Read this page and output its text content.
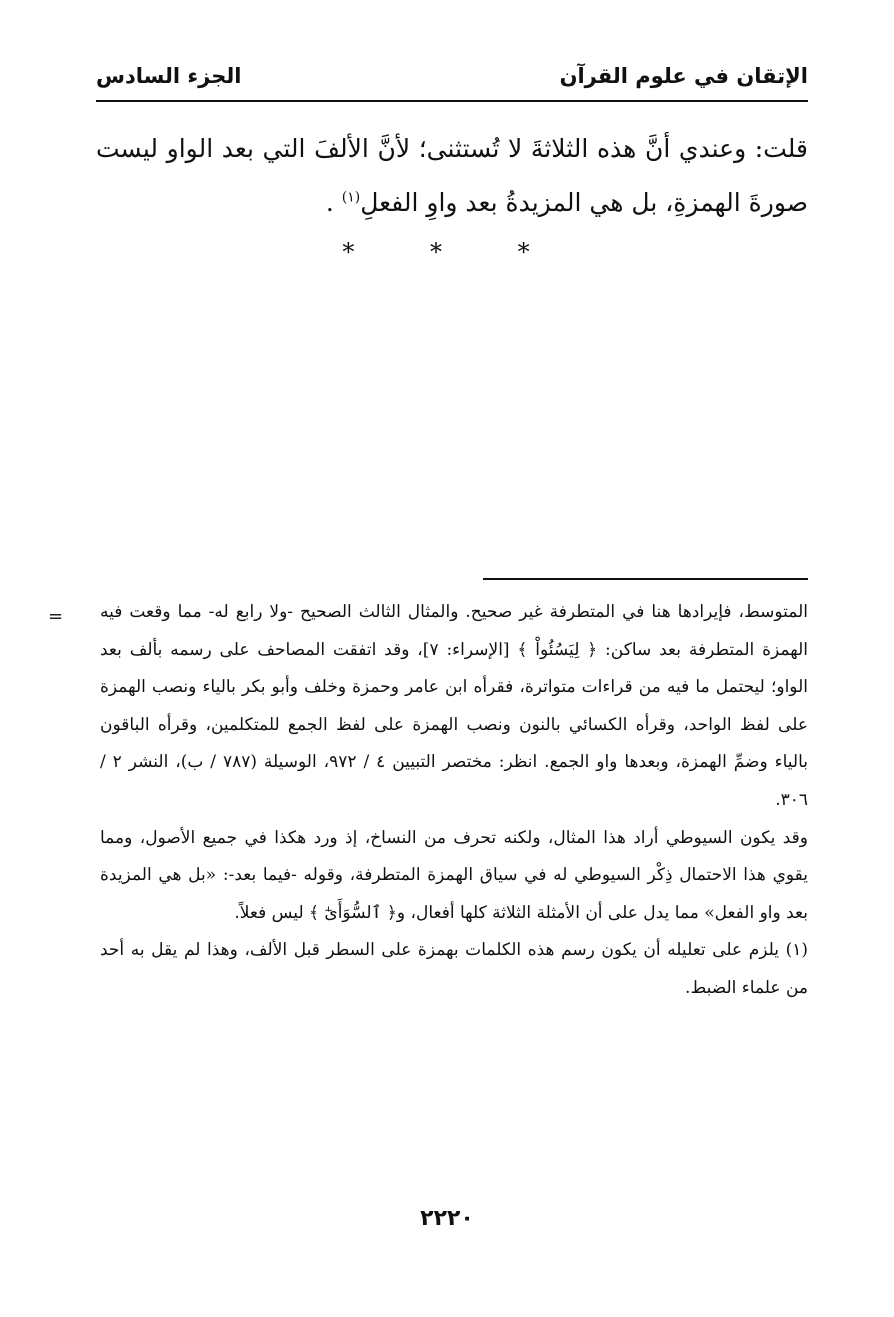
الإتقان في علوم القرآن
الجزء السادس

قلت: وعندي أنَّ هذه الثلاثةَ لا تُستثنى؛ لأنَّ الألفَ التي بعد الواو ليست صورةَ الهمزةِ، بل هي المزيدةُ بعد واوِ الفعلِ$^{(١)}$ .

* * *
= المتوسط، فإيرادها هنا في المتطرفة غير صحيح. والمثال الثالث الصحيح -ولا رابع له- مما وقعت فيه الهمزة المتطرفة بعد ساكن: ﴿ لِيَسُئُواْ ﴾ [الإسراء: ٧]، وقد اتفقت المصاحف على رسمه بألف بعد الواو؛ ليحتمل ما فيه من قراءات متواترة، فقرأه ابن عامر وحمزة وخلف وأبو بكر بالياء ونصب الهمزة على لفظ الواحد، وقرأه الكسائي بالنون ونصب الهمزة على لفظ الجمع للمتكلمين، وقرأه الباقون بالياء وضمِّ الهمزة، وبعدها واو الجمع. انظر: مختصر التبيين ٤ / ٩٧٢، الوسيلة (٧٨٧ / ب)، النشر ٢ / ٣٠٦.

وقد يكون السيوطي أراد هذا المثال، ولكنه تحرف من النساخ، إذ ورد هكذا في جميع الأصول، ومما يقوي هذا الاحتمال ذِكْر السيوطي له في سياق الهمزة المتطرفة، وقوله -فيما بعد-: «بل هي المزيدة بعد واو الفعل» مما يدل على أن الأمثلة الثلاثة كلها أفعال، و﴿ ٱلسُّوَأَىٰٓ ﴾ ليس فعلاً.

(١) يلزم على تعليله أن يكون رسم هذه الكلمات بهمزة على السطر قبل الألف، وهذا لم يقل به أحد من علماء الضبط.

٢٢٢٠
